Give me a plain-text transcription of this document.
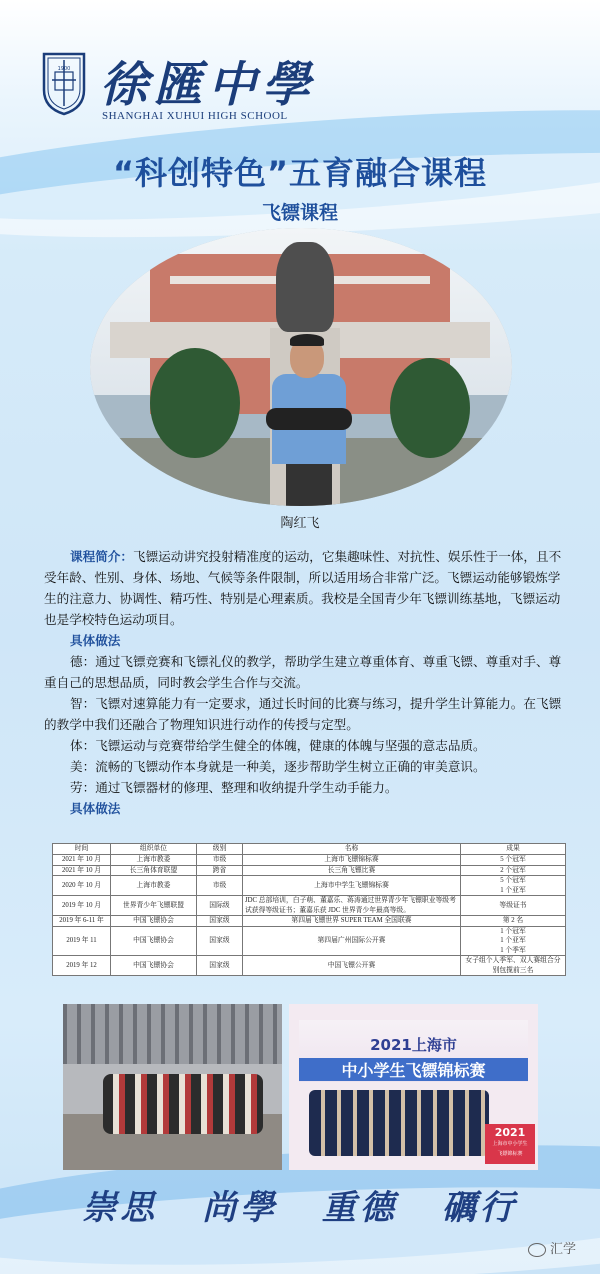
1900 徐匯中學
SHANGHAI XUHUI HIGH SCHOOL
“科创特色”五育融合课程
飞镖课程
陶红飞

课程简介：飞镖运动讲究投射精准度的运动，它集趣味性、对抗性、娱乐性于一体，且不受年龄、性别、身体、场地、气候等条件限制，所以适用场合非常广泛。飞镖运动能够锻炼学生的注意力、协调性、精巧性、特别是心理素质。我校是全国青少年飞镖训练基地，飞镖运动也是学校特色运动项目。

具体做法

德：通过飞镖竞赛和飞镖礼仪的教学，帮助学生建立尊重体育、尊重飞镖、尊重对手、尊重自己的思想品质，同时教会学生合作与交流。

智：飞镖对速算能力有一定要求，通过长时间的比赛与练习，提升学生计算能力。在飞镖的教学中我们还融合了物理知识进行动作的传授与定型。

体：飞镖运动与竞赛带给学生健全的体魄，健康的体魄与坚强的意志品质。

美：流畅的飞镖动作本身就是一种美，逐步帮助学生树立正确的审美意识。

劳：通过飞镖器材的修理、整理和收纳提升学生动手能力。

具体做法

时间	组织单位	级别	名称	成果
2021 年 10 月	上海市教委	市级	上海市飞镖锦标赛	5 个冠军
2021 年 10 月	长三角体育联盟	跨省	长三角飞镖比赛	2 个冠军
2020 年 10 月	上海市教委	市级	上海市中学生飞镖锦标赛	5 个冠军
1 个亚军
2019 年 10 月	世界青少年飞镖联盟	国际级	JDC 总部培训，白子萌、董嘉乐、蒋涛通过世界青少年飞镖职业等级考试获得等级证书；董嘉乐获 JDC 世界青少年最高等级。	等级证书
2019 年 6-11 年	中国飞镖协会	国家级	第四届飞镖世界 SUPER TEAM 全国联赛	第 2 名
2019 年 11	中国飞镖协会	国家级	第四届广州国际公开赛	1 个冠军
1 个亚军
1 个季军
2019 年 12	中国飞镖协会	国家级	中国飞镖公开赛	女子组个人季军、双人赛组合分别包揽前三名
2021上海市
中小学生飞镖锦标赛
2021
上海市中小学生
飞镖锦标赛
崇思 尚學 重德 礪行
汇学
